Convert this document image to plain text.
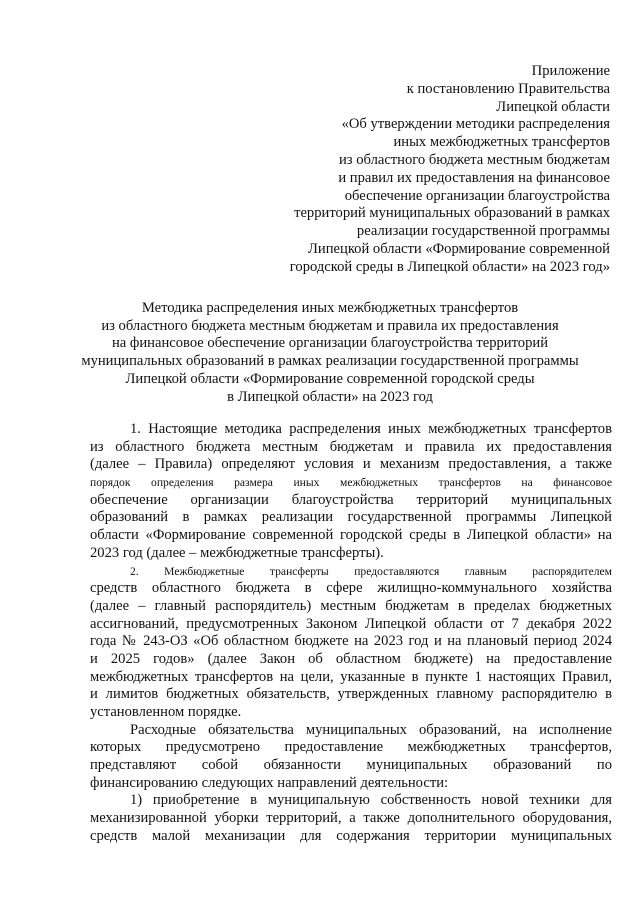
Приложение
к постановлению Правительства
Липецкой области
«Об утверждении методики распределения
иных межбюджетных трансфертов
из областного бюджета местным бюджетам
и правил их предоставления на финансовое
обеспечение организации благоустройства
территорий муниципальных образований в рамках
реализации государственной программы
Липецкой области «Формирование современной
городской среды в Липецкой области» на 2023 год»
Методика распределения иных межбюджетных трансфертов
из областного бюджета местным бюджетам и правила их предоставления
на финансовое обеспечение организации благоустройства территорий
муниципальных образований в рамках реализации государственной программы
Липецкой области «Формирование современной городской среды
в Липецкой области» на 2023 год
1. Настоящие методика распределения иных межбюджетных трансфертов
из областного бюджета местным бюджетам и правила их предоставления
(далее – Правила) определяют условия и механизм предоставления, а также
порядок определения размера иных межбюджетных трансфертов на финансовое
обеспечение организации благоустройства территорий муниципальных
образований в рамках реализации государственной программы Липецкой
области «Формирование современной городской среды в Липецкой области» на
2023 год (далее – межбюджетные трансферты).
2. Межбюджетные трансферты предоставляются главным распорядителем
средств областного бюджета в сфере жилищно-коммунального хозяйства
(далее – главный распорядитель) местным бюджетам в пределах бюджетных
ассигнований, предусмотренных Законом Липецкой области от 7 декабря 2022
года № 243-ОЗ «Об областном бюджете на 2023 год и на плановый период 2024
и 2025 годов» (далее Закон об областном бюджете) на предоставление
межбюджетных трансфертов на цели, указанные в пункте 1 настоящих Правил,
и лимитов бюджетных обязательств, утвержденных главному распорядителю в
установленном порядке.
Расходные обязательства муниципальных образований, на исполнение
которых предусмотрено предоставление межбюджетных трансфертов,
представляют собой обязанности муниципальных образований по
финансированию следующих направлений деятельности:
1) приобретение в муниципальную собственность новой техники для
механизированной уборки территорий, а также дополнительного оборудования,
средств малой механизации для содержания территории муниципальных
